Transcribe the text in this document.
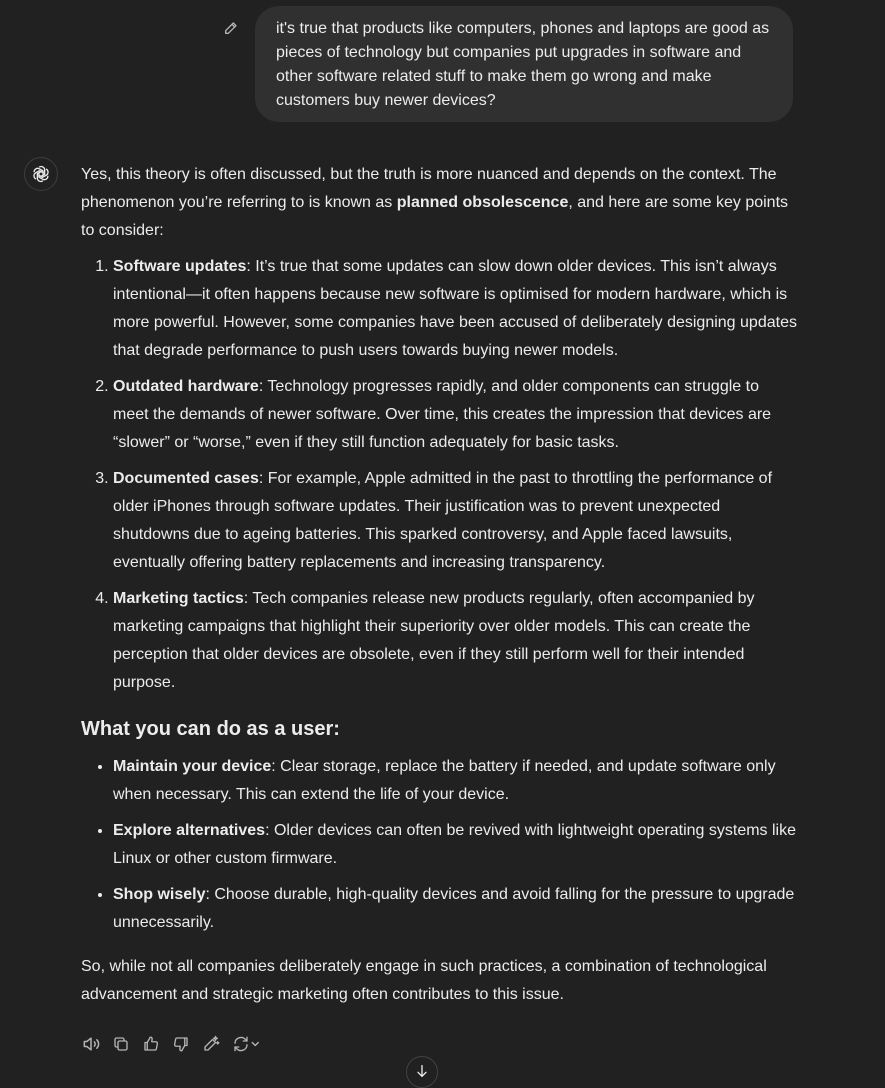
it's true that products like computers, phones and laptops are good as pieces of technology but companies put upgrades in software and other software related stuff to make them go wrong and make customers buy newer devices?

Yes, this theory is often discussed, but the truth is more nuanced and depends on the context. The phenomenon you’re referring to is known as planned obsolescence, and here are some key points to consider:

1. Software updates: It’s true that some updates can slow down older devices. This isn’t always intentional—it often happens because new software is optimised for modern hardware, which is more powerful. However, some companies have been accused of deliberately designing updates that degrade performance to push users towards buying newer models.
2. Outdated hardware: Technology progresses rapidly, and older components can struggle to meet the demands of newer software. Over time, this creates the impression that devices are “slower” or “worse,” even if they still function adequately for basic tasks.
3. Documented cases: For example, Apple admitted in the past to throttling the performance of older iPhones through software updates. Their justification was to prevent unexpected shutdowns due to ageing batteries. This sparked controversy, and Apple faced lawsuits, eventually offering battery replacements and increasing transparency.
4. Marketing tactics: Tech companies release new products regularly, often accompanied by marketing campaigns that highlight their superiority over older models. This can create the perception that older devices are obsolete, even if they still perform well for their intended purpose.
What you can do as a user:
• Maintain your device: Clear storage, replace the battery if needed, and update software only when necessary. This can extend the life of your device.
• Explore alternatives: Older devices can often be revived with lightweight operating systems like Linux or other custom firmware.
• Shop wisely: Choose durable, high-quality devices and avoid falling for the pressure to upgrade unnecessarily.

So, while not all companies deliberately engage in such practices, a combination of technological advancement and strategic marketing often contributes to this issue.
